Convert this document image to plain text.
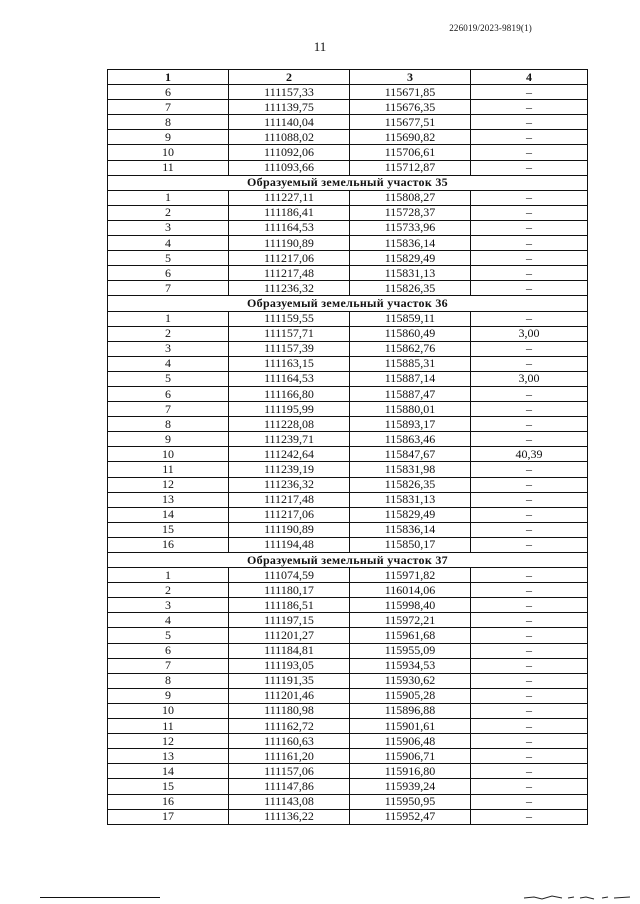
226019/2023-9819(1)
11
1	2	3	4
6	111157,33	115671,85	–
7	111139,75	115676,35	–
8	111140,04	115677,51	–
9	111088,02	115690,82	–
10	111092,06	115706,61	–
11	111093,66	115712,87	–
Образуемый земельный участок 35			
1	111227,11	115808,27	–
2	111186,41	115728,37	–
3	111164,53	115733,96	–
4	111190,89	115836,14	–
5	111217,06	115829,49	–
6	111217,48	115831,13	–
7	111236,32	115826,35	–
Образуемый земельный участок 36			
1	111159,55	115859,11	–
2	111157,71	115860,49	3,00
3	111157,39	115862,76	–
4	111163,15	115885,31	–
5	111164,53	115887,14	3,00
6	111166,80	115887,47	–
7	111195,99	115880,01	–
8	111228,08	115893,17	–
9	111239,71	115863,46	–
10	111242,64	115847,67	40,39
11	111239,19	115831,98	–
12	111236,32	115826,35	–
13	111217,48	115831,13	–
14	111217,06	115829,49	–
15	111190,89	115836,14	–
16	111194,48	115850,17	–
Образуемый земельный участок 37			
1	111074,59	115971,82	–
2	111180,17	116014,06	–
3	111186,51	115998,40	–
4	111197,15	115972,21	–
5	111201,27	115961,68	–
6	111184,81	115955,09	–
7	111193,05	115934,53	–
8	111191,35	115930,62	–
9	111201,46	115905,28	–
10	111180,98	115896,88	–
11	111162,72	115901,61	–
12	111160,63	115906,48	–
13	111161,20	115906,71	–
14	111157,06	115916,80	–
15	111147,86	115939,24	–
16	111143,08	115950,95	–
17	111136,22	115952,47	–
